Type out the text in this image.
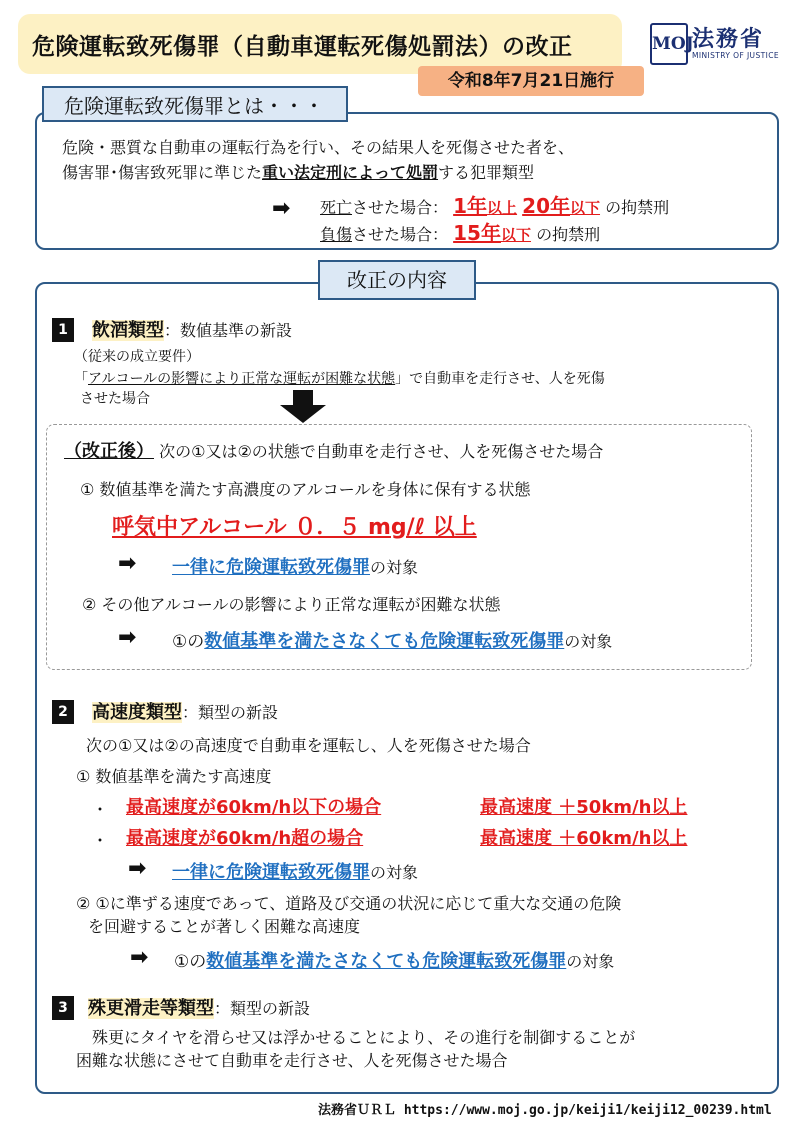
危険運転致死傷罪（自動車運転死傷処罰法）の改正	MOJ
法務省
MINISTRY OF JUSTICE
令和8年7月21日施行
危険運転致死傷罪とは・・・
危険・悪質な自動車の運転行為を行い、その結果人を死傷させた者を、
傷害罪･傷害致死罪に準じた重い法定刑によって処罰する犯罪類型
➡ 死亡させた場合： 1年以上 20年以下 の拘禁刑
負傷させた場合： 15年以下 の拘禁刑
改正の内容
1	飲酒類型：数値基準の新設
（従来の成立要件）
「アルコールの影響により正常な運転が困難な状態」で自動車を走行させ、人を死傷
させた場合
（改正後） 次の①又は②の状態で自動車を走行させ、人を死傷させた場合
① 数値基準を満たす高濃度のアルコールを身体に保有する状態
呼気中アルコール ０．５ mg/ℓ 以上
➡ 一律に危険運転致死傷罪の対象
② その他アルコールの影響により正常な運転が困難な状態
➡ ①の数値基準を満たさなくても危険運転致死傷罪の対象
2	高速度類型：類型の新設
次の①又は②の高速度で自動車を運転し、人を死傷させた場合
① 数値基準を満たす高速度
・ 最高速度が60km/h以下の場合	最高速度 ＋50km/h以上
・ 最高速度が60km/h超の場合	最高速度 ＋60km/h以上
➡ 一律に危険運転致死傷罪の対象
② ①に準ずる速度であって、道路及び交通の状況に応じて重大な交通の危険
を回避することが著しく困難な高速度
➡ ①の数値基準を満たさなくても危険運転致死傷罪の対象
3	殊更滑走等類型：類型の新設
殊更にタイヤを滑らせ又は浮かせることにより、その進行を制御することが
困難な状態にさせて自動車を走行させ、人を死傷させた場合
法務省ＵＲＬ https://www.moj.go.jp/keiji1/keiji12_00239.html
